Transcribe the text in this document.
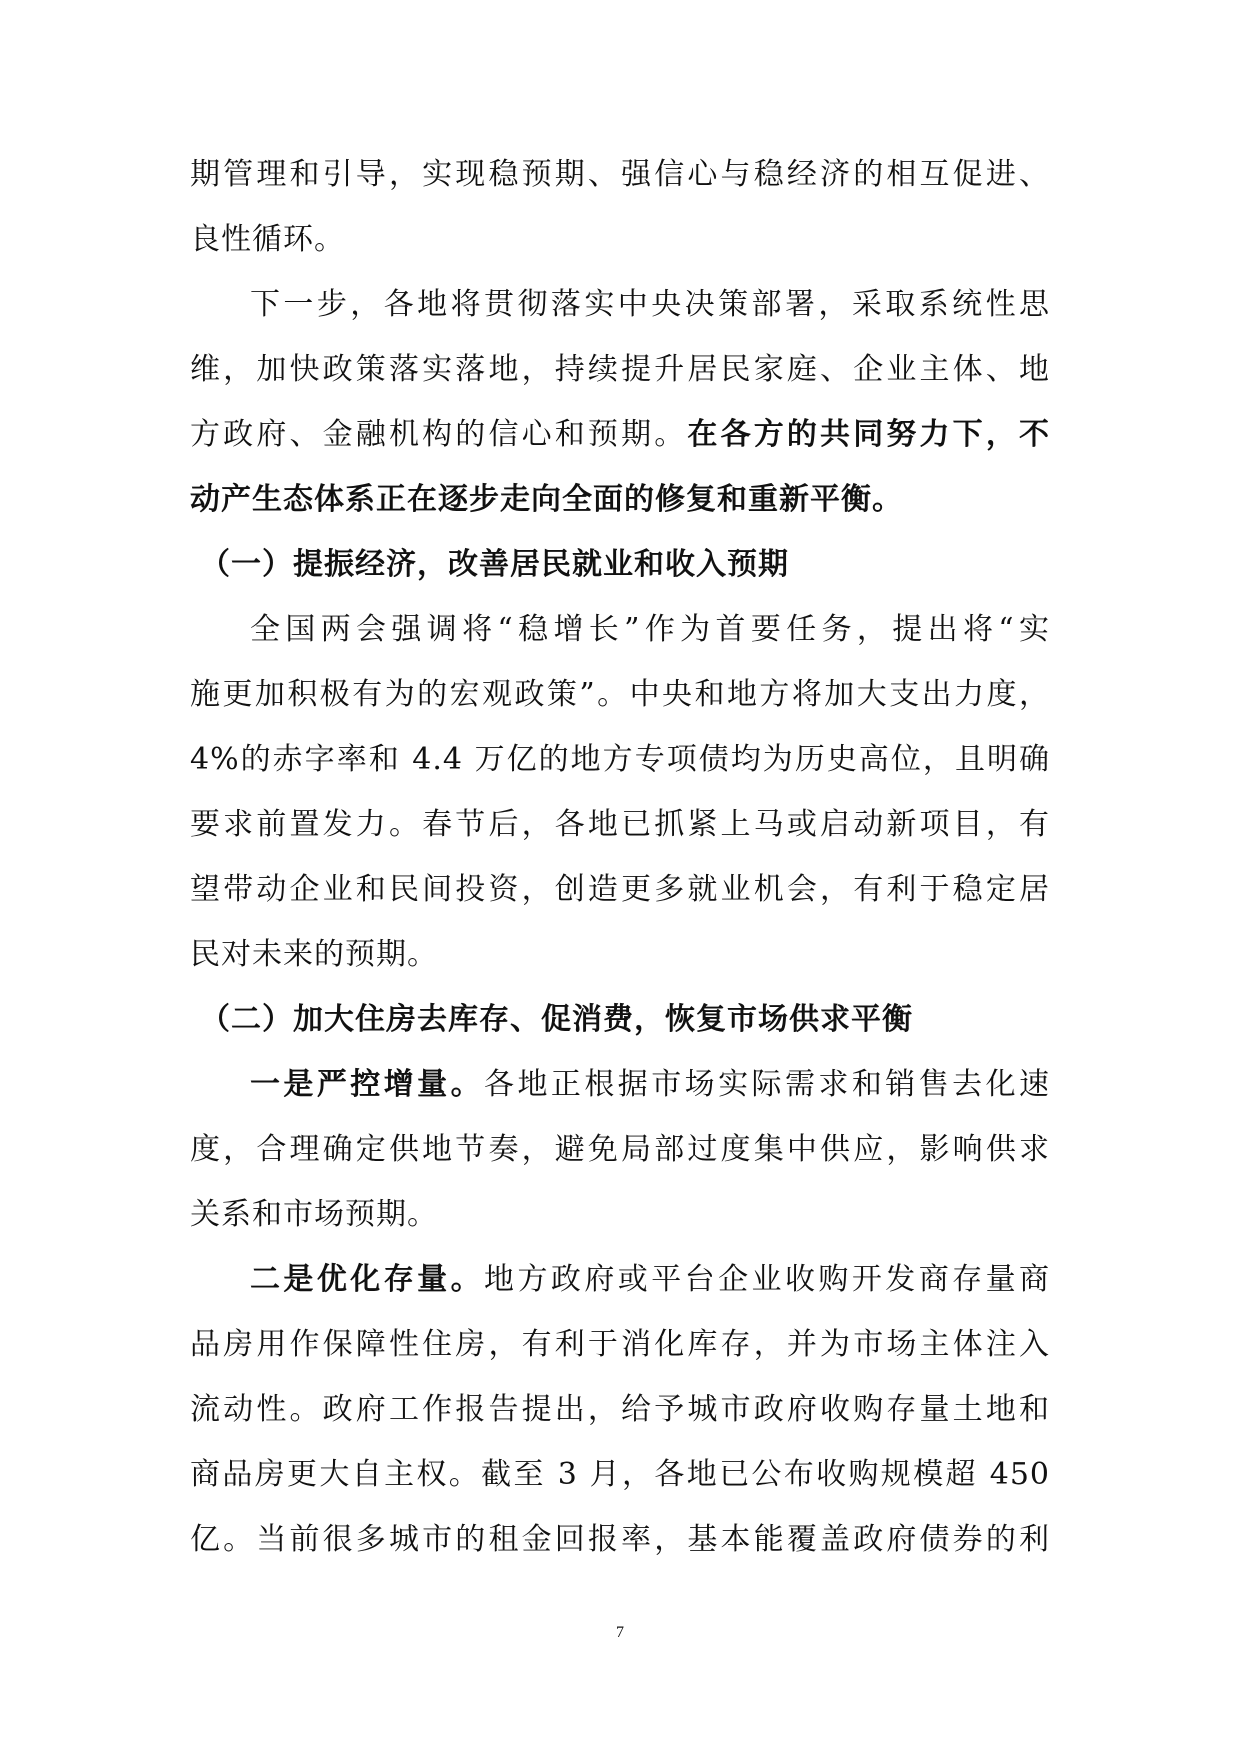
期管理和引导，实现稳预期、强信心与稳经济的相互促进、
良性循环。
下一步，各地将贯彻落实中央决策部署，采取系统性思
维，加快政策落实落地，持续提升居民家庭、企业主体、地
方政府、金融机构的信心和预期。在各方的共同努力下，不
动产生态体系正在逐步走向全面的修复和重新平衡。
（一）提振经济，改善居民就业和收入预期
全国两会强调将“稳增长”作为首要任务，提出将“实
施更加积极有为的宏观政策”。中央和地方将加大支出力度，
4%的赤字率和 4.4 万亿的地方专项债均为历史高位，且明确
要求前置发力。春节后，各地已抓紧上马或启动新项目，有
望带动企业和民间投资，创造更多就业机会，有利于稳定居
民对未来的预期。
（二）加大住房去库存、促消费，恢复市场供求平衡
一是严控增量。各地正根据市场实际需求和销售去化速
度，合理确定供地节奏，避免局部过度集中供应，影响供求
关系和市场预期。
二是优化存量。地方政府或平台企业收购开发商存量商
品房用作保障性住房，有利于消化库存，并为市场主体注入
流动性。政府工作报告提出，给予城市政府收购存量土地和
商品房更大自主权。截至 3 月，各地已公布收购规模超 450
亿。当前很多城市的租金回报率，基本能覆盖政府债券的利
7
